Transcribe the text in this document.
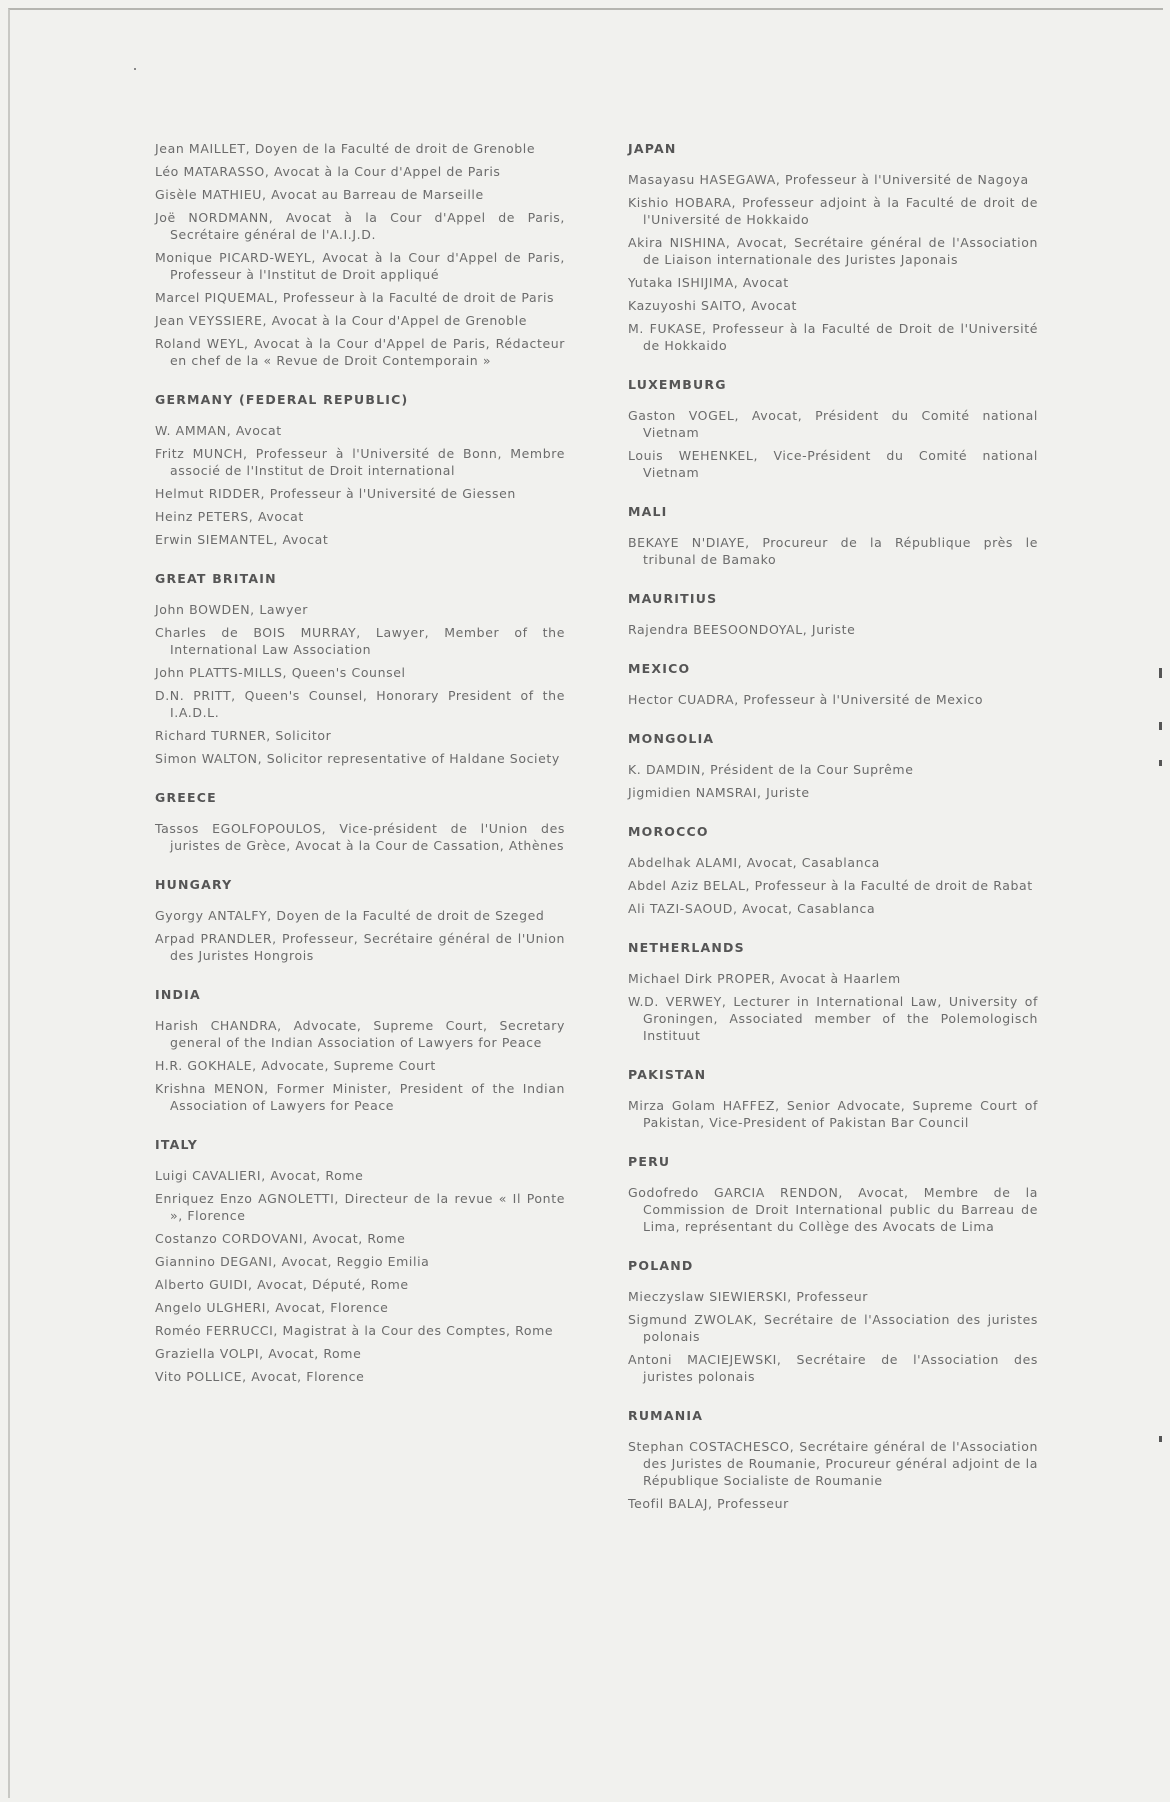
Jean MAILLET, Doyen de la Faculté de droit de Grenoble

Léo MATARASSO, Avocat à la Cour d'Appel de Paris

Gisèle MATHIEU, Avocat au Barreau de Marseille

Joë NORDMANN, Avocat à la Cour d'Appel de Paris, Secrétaire général de l'A.I.J.D.

Monique PICARD-WEYL, Avocat à la Cour d'Appel de Paris, Professeur à l'Institut de Droit appliqué

Marcel PIQUEMAL, Professeur à la Faculté de droit de Paris

Jean VEYSSIERE, Avocat à la Cour d'Appel de Grenoble

Roland WEYL, Avocat à la Cour d'Appel de Paris, Rédacteur en chef de la « Revue de Droit Contemporain »

GERMANY (FEDERAL REPUBLIC)

W. AMMAN, Avocat

Fritz MUNCH, Professeur à l'Université de Bonn, Membre associé de l'Institut de Droit international

Helmut RIDDER, Professeur à l'Université de Giessen

Heinz PETERS, Avocat

Erwin SIEMANTEL, Avocat

GREAT BRITAIN

John BOWDEN, Lawyer

Charles de BOIS MURRAY, Lawyer, Member of the International Law Association

John PLATTS-MILLS, Queen's Counsel

D.N. PRITT, Queen's Counsel, Honorary President of the I.A.D.L.

Richard TURNER, Solicitor

Simon WALTON, Solicitor representative of Haldane Society

GREECE

Tassos EGOLFOPOULOS, Vice-président de l'Union des juristes de Grèce, Avocat à la Cour de Cassation, Athènes

HUNGARY

Gyorgy ANTALFY, Doyen de la Faculté de droit de Szeged

Arpad PRANDLER, Professeur, Secrétaire général de l'Union des Juristes Hongrois

INDIA

Harish CHANDRA, Advocate, Supreme Court, Secretary general of the Indian Association of Lawyers for Peace

H.R. GOKHALE, Advocate, Supreme Court

Krishna MENON, Former Minister, President of the Indian Association of Lawyers for Peace

ITALY

Luigi CAVALIERI, Avocat, Rome

Enriquez Enzo AGNOLETTI, Directeur de la revue « Il Ponte », Florence

Costanzo CORDOVANI, Avocat, Rome

Giannino DEGANI, Avocat, Reggio Emilia

Alberto GUIDI, Avocat, Député, Rome

Angelo ULGHERI, Avocat, Florence

Roméo FERRUCCI, Magistrat à la Cour des Comptes, Rome

Graziella VOLPI, Avocat, Rome

Vito POLLICE, Avocat, Florence

JAPAN

Masayasu HASEGAWA, Professeur à l'Université de Nagoya

Kishio HOBARA, Professeur adjoint à la Faculté de droit de l'Université de Hokkaido

Akira NISHINA, Avocat, Secrétaire général de l'Association de Liaison internationale des Juristes Japonais

Yutaka ISHIJIMA, Avocat

Kazuyoshi SAITO, Avocat

M. FUKASE, Professeur à la Faculté de Droit de l'Université de Hokkaido

LUXEMBURG

Gaston VOGEL, Avocat, Président du Comité national Vietnam

Louis WEHENKEL, Vice-Président du Comité national Vietnam

MALI

BEKAYE N'DIAYE, Procureur de la République près le tribunal de Bamako

MAURITIUS

Rajendra BEESOONDOYAL, Juriste

MEXICO

Hector CUADRA, Professeur à l'Université de Mexico

MONGOLIA

K. DAMDIN, Président de la Cour Suprême

Jigmidien NAMSRAI, Juriste

MOROCCO

Abdelhak ALAMI, Avocat, Casablanca

Abdel Aziz BELAL, Professeur à la Faculté de droit de Rabat

Ali TAZI-SAOUD, Avocat, Casablanca

NETHERLANDS

Michael Dirk PROPER, Avocat à Haarlem

W.D. VERWEY, Lecturer in International Law, University of Groningen, Associated member of the Polemologisch Instituut

PAKISTAN

Mirza Golam HAFFEZ, Senior Advocate, Supreme Court of Pakistan, Vice-President of Pakistan Bar Council

PERU

Godofredo GARCIA RENDON, Avocat, Membre de la Commission de Droit International public du Barreau de Lima, représentant du Collège des Avocats de Lima

POLAND

Mieczyslaw SIEWIERSKI, Professeur

Sigmund ZWOLAK, Secrétaire de l'Association des juristes polonais

Antoni MACIEJEWSKI, Secrétaire de l'Association des juristes polonais

RUMANIA

Stephan COSTACHESCO, Secrétaire général de l'Association des Juristes de Roumanie, Procureur général adjoint de la République Socialiste de Roumanie

Teofil BALAJ, Professeur
